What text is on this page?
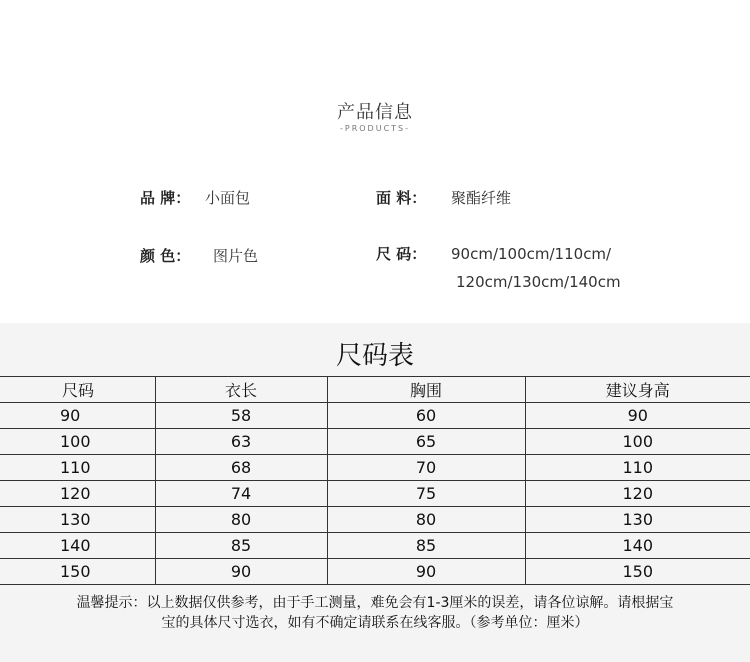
产品信息
-PRODUCTS-
品 牌： 小面包	面 料： 聚酯纤维
颜 色： 图片色	尺 码： 90cm/100cm/110cm/
120cm/130cm/140cm
尺码表
尺码	衣长	胸围	建议身高
90	58	60	90
100	63	65	100
110	68	70	110
120	74	75	120
130	80	80	130
140	85	85	140
150	90	90	150
温馨提示：以上数据仅供参考，由于手工测量，难免会有1-3厘米的误差，请各位谅解。请根据宝
宝的具体尺寸选衣，如有不确定请联系在线客服。（参考单位：厘米）
